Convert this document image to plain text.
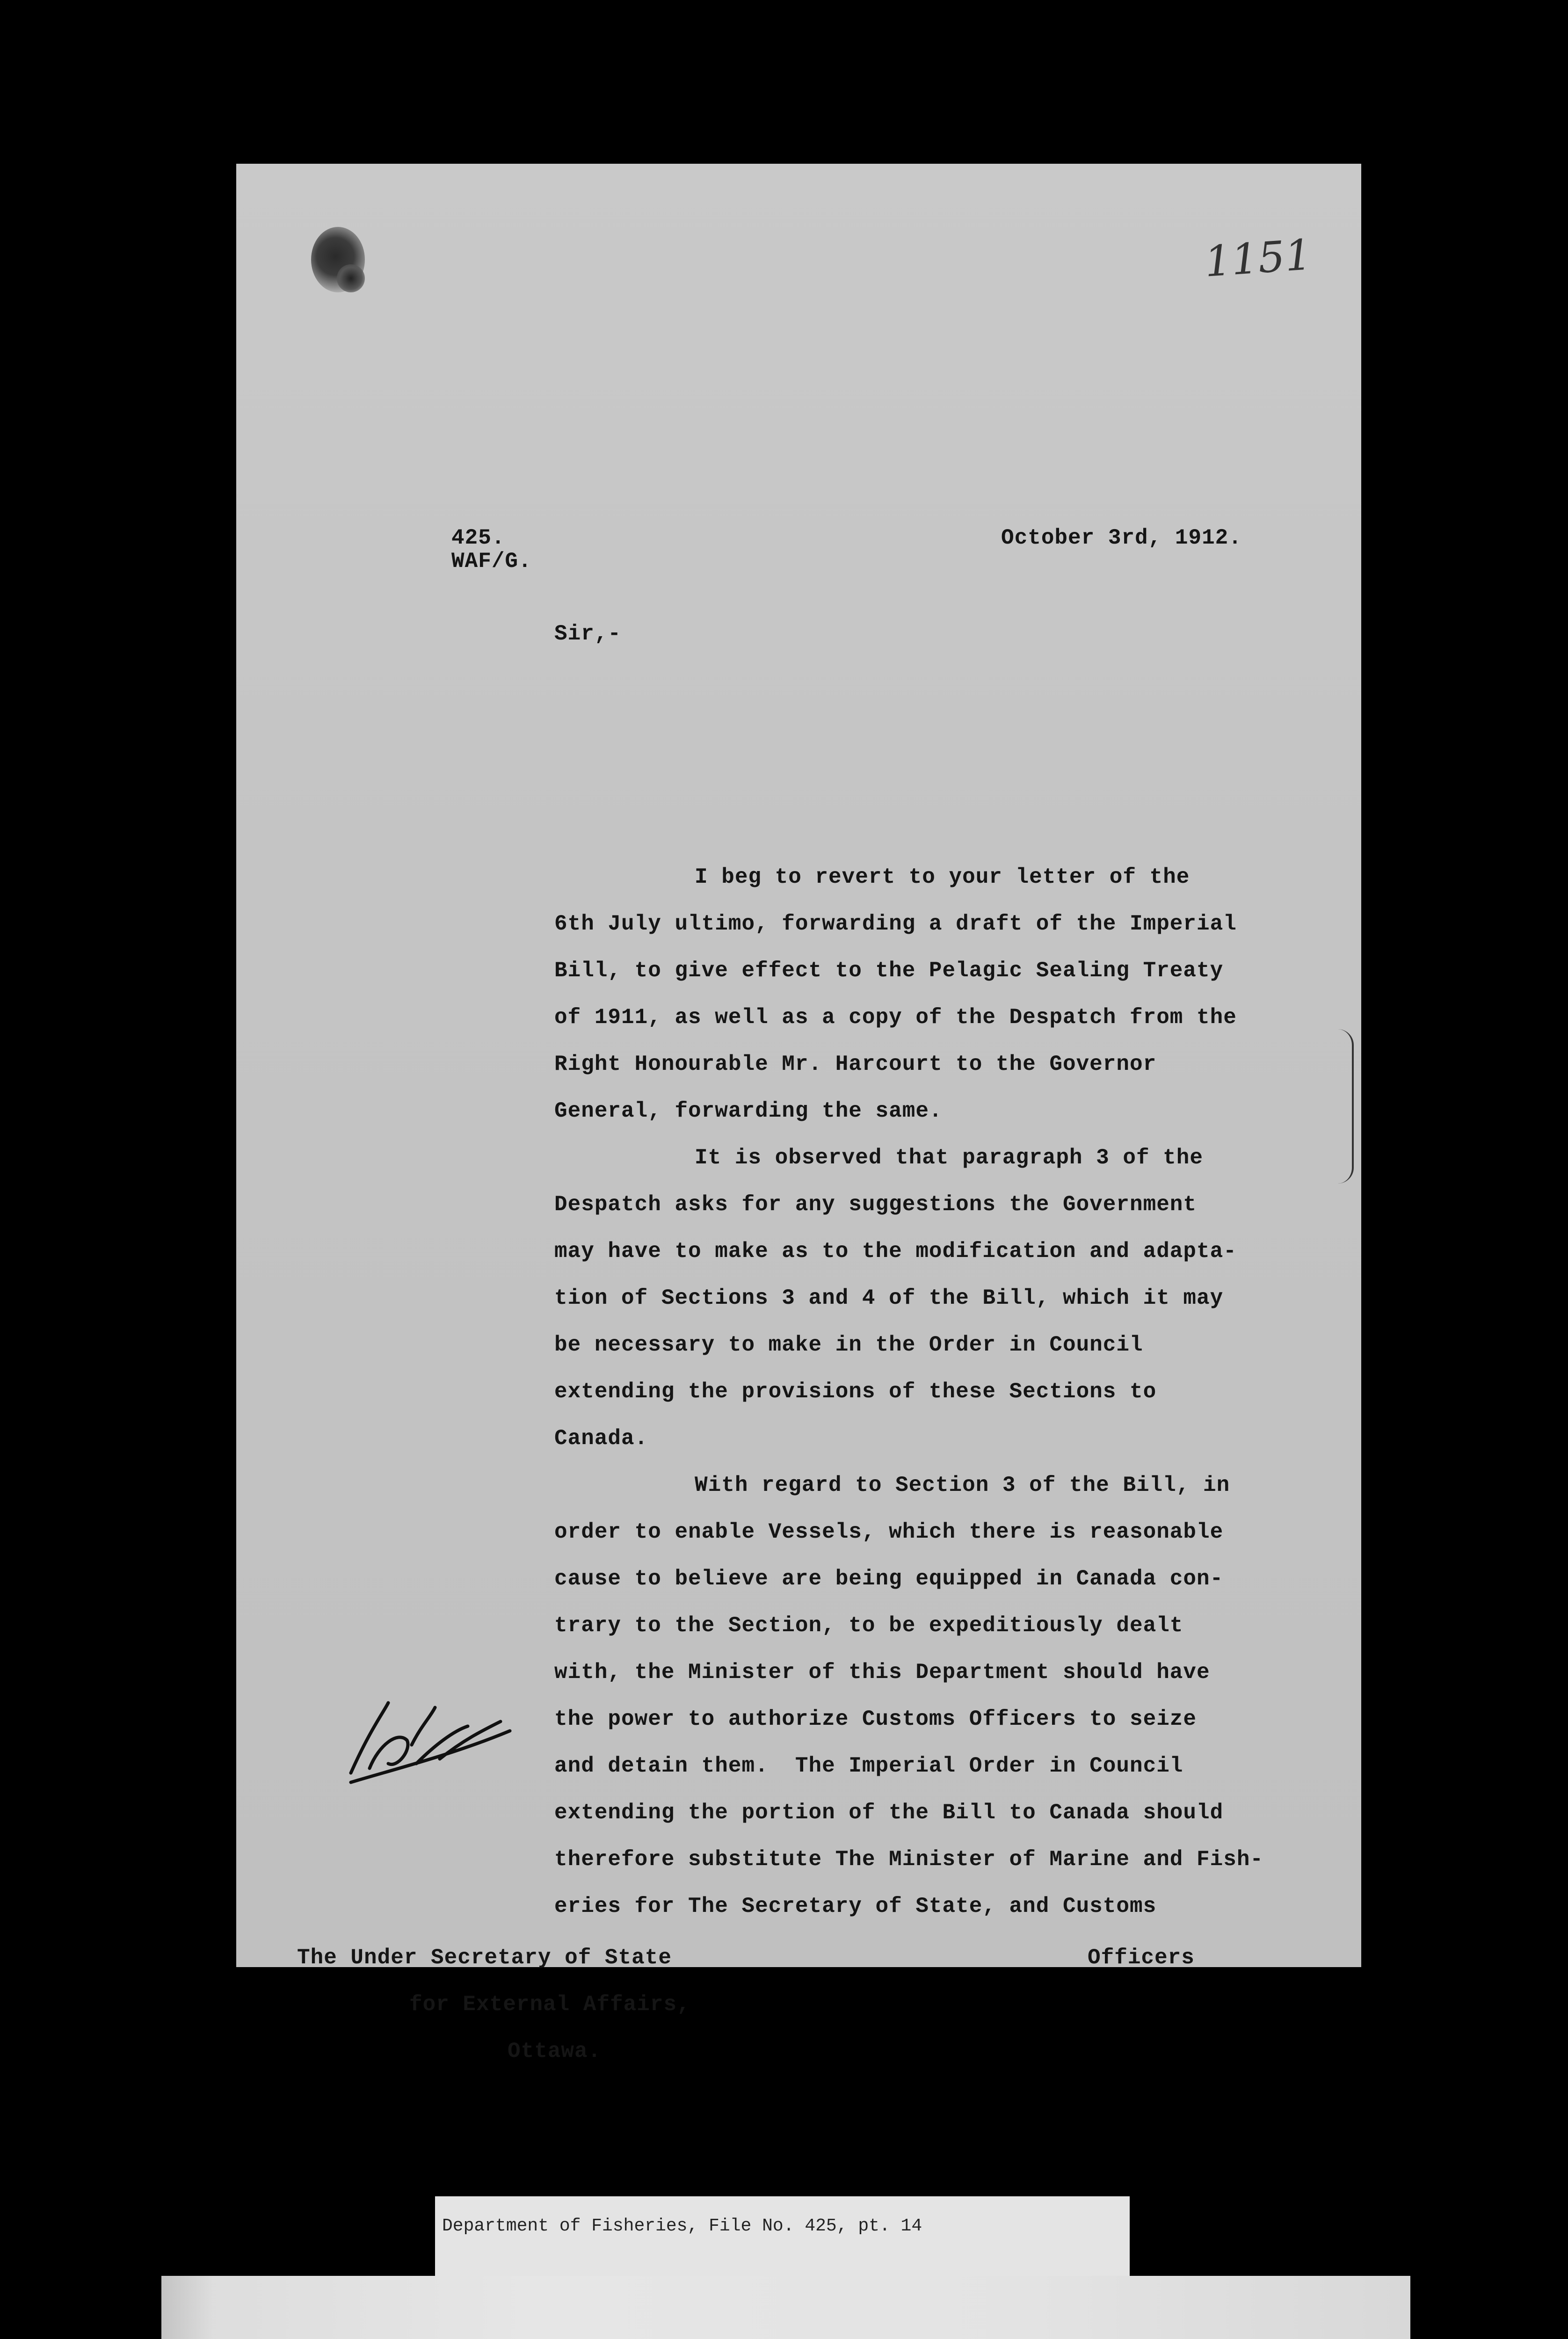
1151
425.
WAF/G.
October 3rd, 1912.
Sir,-
I beg to revert to your letter of the
6th July ultimo, forwarding a draft of the Imperial
Bill, to give effect to the Pelagic Sealing Treaty
of 1911, as well as a copy of the Despatch from the
Right Honourable Mr. Harcourt to the Governor
General, forwarding the same.
It is observed that paragraph 3 of the
Despatch asks for any suggestions the Government
may have to make as to the modification and adapta-
tion of Sections 3 and 4 of the Bill, which it may
be necessary to make in the Order in Council
extending the provisions of these Sections to
Canada.
With regard to Section 3 of the Bill, in
order to enable Vessels, which there is reasonable
cause to believe are being equipped in Canada con-
trary to the Section, to be expeditiously dealt
with, the Minister of this Department should have
the power to authorize Customs Officers to seize
and detain them.  The Imperial Order in Council
extending the portion of the Bill to Canada should
therefore substitute The Minister of Marine and Fish-
eries for The Secretary of State, and Customs
Officers
The Under Secretary of State
for External Affairs,
Ottawa.
Department of Fisheries, File No. 425, pt. 14
